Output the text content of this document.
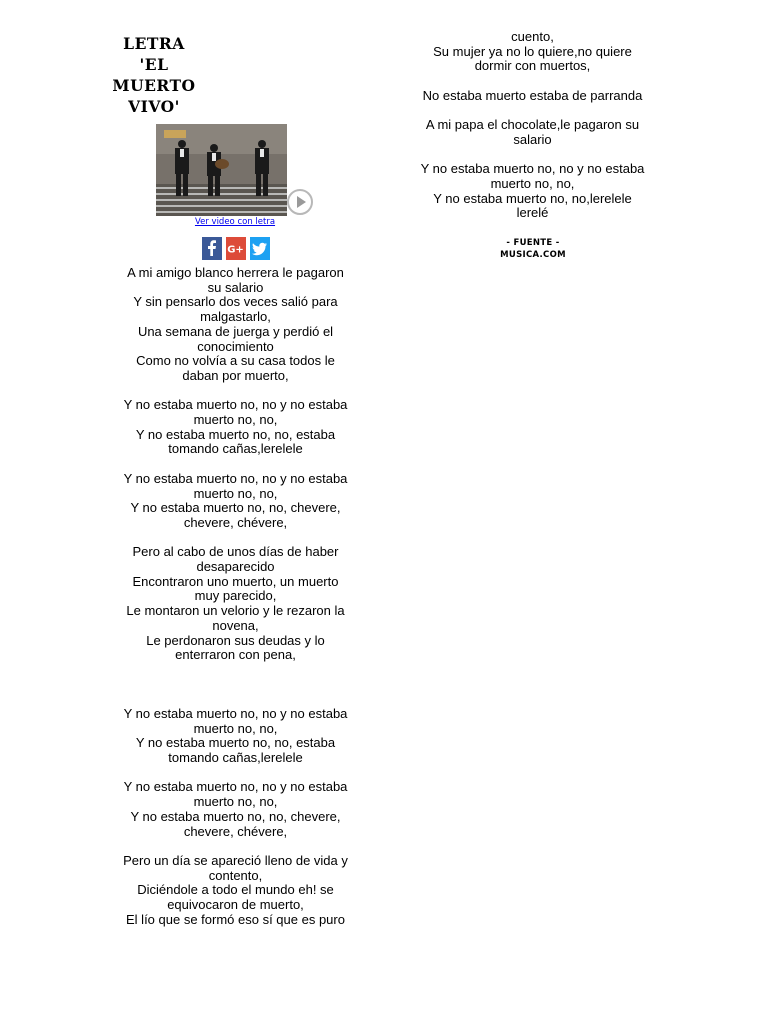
LETRA
'EL
MUERTO
VIVO'
Ver video con letra
G+

A mi amigo blanco herrera le pagaron
su salario
Y sin pensarlo dos veces salió para
malgastarlo,
Una semana de juerga y perdió el
conocimiento
Como no volvía a su casa todos le
daban por muerto,

Y no estaba muerto no, no y no estaba
muerto no, no,
Y no estaba muerto no, no, estaba
tomando cañas,lerelele

Y no estaba muerto no, no y no estaba
muerto no, no,
Y no estaba muerto no, no, chevere,
chevere, chévere,

Pero al cabo de unos días de haber
desaparecido
Encontraron uno muerto, un muerto
muy parecido,
Le montaron un velorio y le rezaron la
novena,
Le perdonaron sus deudas y lo
enterraron con pena,

Y no estaba muerto no, no y no estaba
muerto no, no,
Y no estaba muerto no, no, estaba
tomando cañas,lerelele

Y no estaba muerto no, no y no estaba
muerto no, no,
Y no estaba muerto no, no, chevere,
chevere, chévere,

Pero un día se apareció lleno de vida y
contento,
Diciéndole a todo el mundo eh! se
equivocaron de muerto,
El lío que se formó eso sí que es puro

cuento,
Su mujer ya no lo quiere,no quiere
dormir con muertos,

No estaba muerto estaba de parranda

A mi papa el chocolate,le pagaron su
salario

Y no estaba muerto no, no y no estaba
muerto no, no,
Y no estaba muerto no, no,lerelele
lerelé

- FUENTE -
MUSICA.COM
